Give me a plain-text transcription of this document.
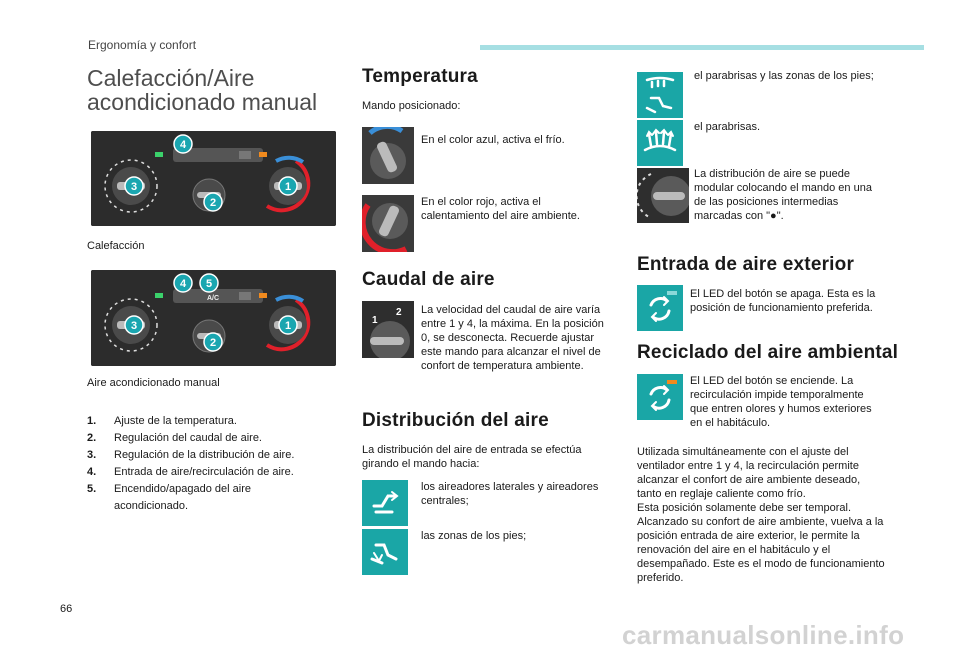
Ergonomía y confort
Calefacción/Aire acondicionado manual
4
3
2
1
Calefacción
A/C
4 5
3
2
1
Aire acondicionado manual
1.	Ajuste de la temperatura.
2.	Regulación del caudal de aire.
3.	Regulación de la distribución de aire.
4.	Entrada de aire/recirculación de aire.
5.	Encendido/apagado del aire acondicionado.
Temperatura
Mando posicionado:
En el color azul, activa el frío.
En el color rojo, activa el calentamiento del aire ambiente.
Caudal de aire
1
2 La velocidad del caudal de aire varía entre 1 y 4, la máxima. En la posición 0, se desconecta. Recuerde ajustar este mando para alcanzar el nivel de confort de temperatura ambiente.
Distribución del aire
La distribución del aire de entrada se efectúa girando el mando hacia:
los aireadores laterales y aireadores centrales;
las zonas de los pies;
el parabrisas y las zonas de los pies;
el parabrisas.
La distribución de aire se puede modular colocando el mando en una de las posiciones intermedias marcadas con "●".
Entrada de aire exterior
El LED del botón se apaga. Esta es la posición de funcionamiento preferida.
Reciclado del aire ambiental
El LED del botón se enciende. La recirculación impide temporalmente que entren olores y humos exteriores en el habitáculo.
Utilizada simultáneamente con el ajuste del ventilador entre 1 y 4, la recirculación permite alcanzar el confort de aire ambiente deseado, tanto en reglaje caliente como frío.
Esta posición solamente debe ser temporal. Alcanzado su confort de aire ambiente, vuelva a la posición entrada de aire exterior, le permite la renovación del aire en el habitáculo y el desempañado. Este es el modo de funcionamiento preferido.
66
carmanualsonline.info
